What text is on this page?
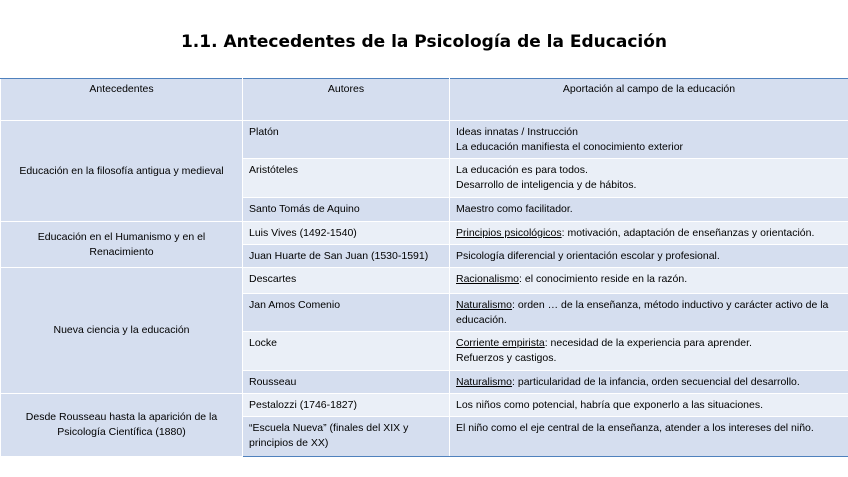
1.1. Antecedentes de la Psicología de la Educación
Antecedentes	Autores	Aportación al campo de la educación
Educación en la filosofía antigua y medieval	Platón	Ideas innatas / Instrucción
La educación manifiesta el conocimiento exterior

	Aristóteles	La educación es para todos.
Desarrollo de inteligencia y de hábitos.

	Santo Tomás de Aquino	Maestro como facilitador.
Educación en el Humanismo y en el Renacimiento	Luis Vives (1492-1540)	Principios psicológicos: motivación, adaptación de enseñanzas y orientación.
	Juan Huarte de San Juan (1530-1591)	Psicología diferencial y orientación escolar y profesional.
Nueva ciencia y la educación	Descartes	Racionalismo: el conocimiento reside en la razón.
	Jan Amos Comenio	Naturalismo: orden … de la enseñanza, método inductivo y carácter activo de la educación.
	Locke	Corriente empirista: necesidad de la experiencia para aprender.
Refuerzos y castigos.

	Rousseau	Naturalismo: particularidad de la infancia, orden secuencial del desarrollo.
Desde Rousseau hasta la aparición de la Psicología Científica (1880)	Pestalozzi (1746-1827)	Los niños como potencial, habría que exponerlo a las situaciones.
	“Escuela Nueva” (finales del XIX y principios de XX)	El niño como el eje central de la enseñanza, atender a los intereses del niño.
